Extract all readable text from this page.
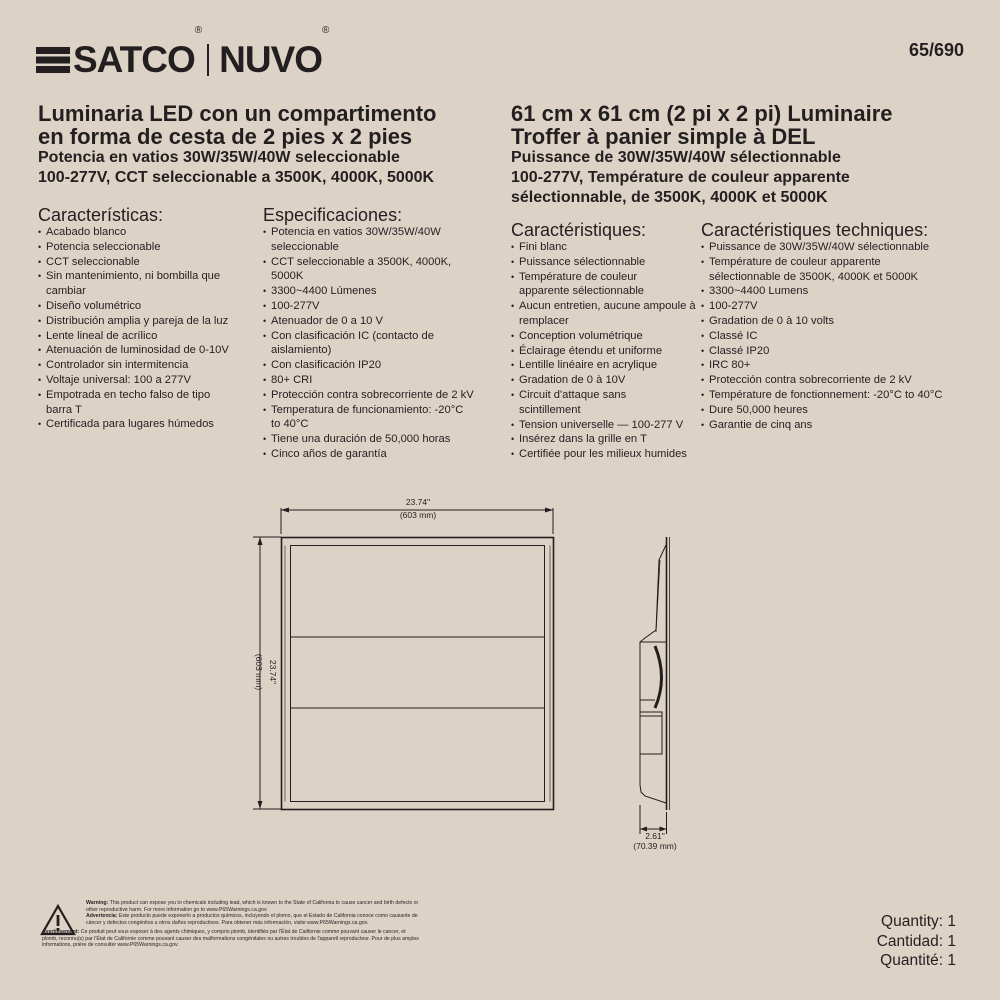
SATCO®
NUVO®
65/690
Luminaria LED con un compartimento
en forma de cesta de 2 pies x 2 pies
Potencia en vatios 30W/35W/40W seleccionable
100-277V, CCT seleccionable a 3500K, 4000K, 5000K
61 cm x 61 cm (2 pi x 2 pi) Luminaire
Troffer à panier simple à DEL
Puissance de 30W/35W/40W sélectionnable
100-277V, Température de couleur apparente
sélectionnable, de 3500K, 4000K et 5000K
Características:
• Acabado blanco
• Potencia seleccionable
• CCT seleccionable
• Sin mantenimiento, ni bombilla que cambiar
• Diseño volumétrico
• Distribución amplia y pareja de la luz
• Lente lineal de acrílico
• Atenuación de luminosidad de 0-10V
• Controlador sin intermitencia
• Voltaje universal: 100 a 277V
• Empotrada en techo falso de tipo barra T
• Certificada para lugares húmedos
Especificaciones:
• Potencia en vatios 30W/35W/40W seleccionable
• CCT seleccionable a 3500K, 4000K, 5000K
• 3300~4400 Lúmenes
• 100-277V
• Atenuador de 0 a 10 V
• Con clasificación IC (contacto de aislamiento)
• Con clasificación IP20
• 80+ CRI
• Protección contra sobrecorriente de 2 kV
• Temperatura de funcionamiento: -20°C to 40°C
• Tiene una duración de 50,000 horas
• Cinco años de garantía
Caractéristiques:
• Fini blanc
• Puissance sélectionnable
• Température de couleur apparente sélectionnable
• Aucun entretien, aucune ampoule à remplacer
• Conception volumétrique
• Éclairage étendu et uniforme
• Lentille linéaire en acrylique
• Gradation de 0 à 10V
• Circuit d'attaque sans scintillement
• Tension universelle — 100-277 V
• Insérez dans la grille en T
• Certifiée pour les milieux humides
Caractéristiques techniques:
• Puissance de 30W/35W/40W sélectionnable
• Température de couleur apparente sélectionnable de 3500K, 4000K et 5000K
• 3300~4400 Lumens
• 100-277V
• Gradation de 0 à 10 volts
• Classé IC
• Classé IP20
• IRC 80+
• Protección contra sobrecorriente de 2 kV
• Température de fonctionnement: -20°C to 40°C
• Dure 50,000 heures
• Garantie de cinq ans
23.74"
(603 mm)
23.74"
(603 mm)
2.61"
(70.39 mm)

Warning: This product can expose you to chemicals including lead, which is known to the State of California to cause cancer and birth defects or other reproductive harm. For more information go to www.P65Warnings.ca.gov.

Advertencia: Este producto puede exponerlo a productos químicos, incluyendo el plomo, que el Estado de California conoce como causante de cáncer y defectos congénitos u otros daños reproductivos. Para obtener más información, visite www.P65Warnings.ca.gov.

Avertissement: Ce produit peut vous exposer à des agents chimiques, y compris plomb, identifiés par l'État de Californie comme pouvant causer le cancer, et plomb, reconnu(s) par l'État de Californie comme pouvant causer des malformations congénitales ou autres troubles de l'appareil reproducteur. Pour de plus amples informations, prière de consulter www.P65Warnings.ca.gov.

Quantity: 1
Cantidad: 1
Quantité: 1
